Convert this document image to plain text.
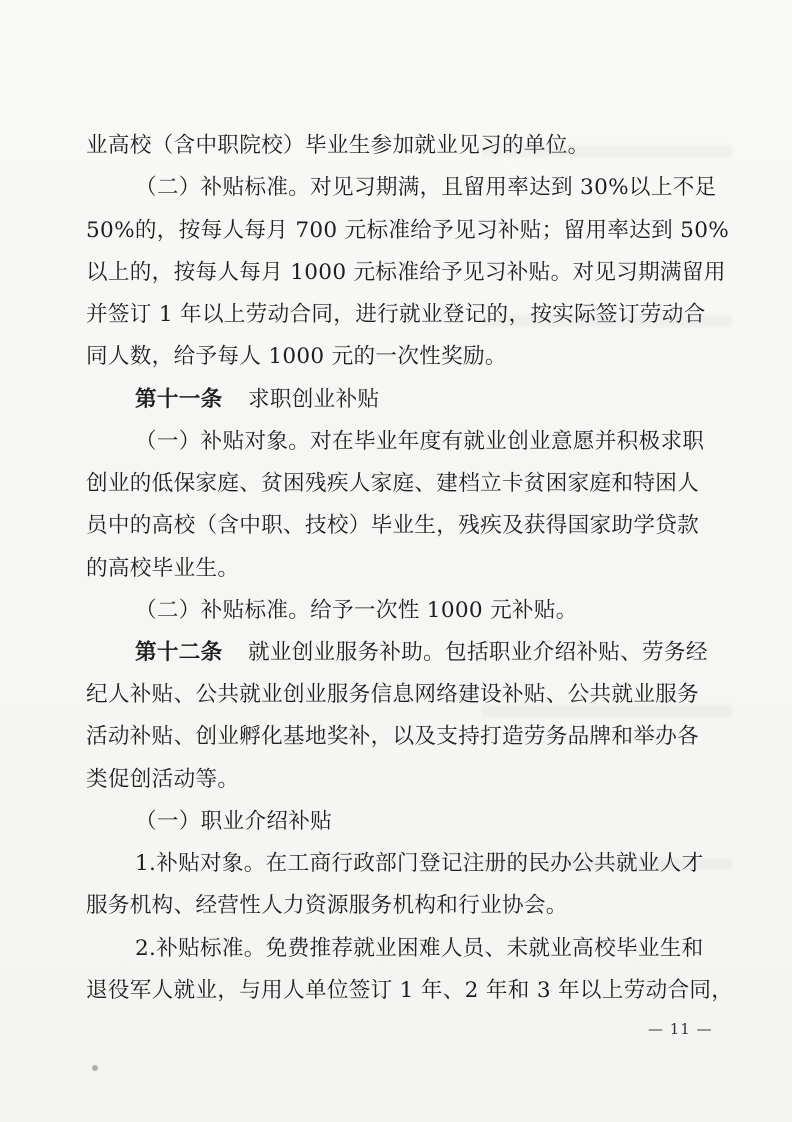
业高校（含中职院校）毕业生参加就业见习的单位。
（二）补贴标准。对见习期满，且留用率达到 30%以上不足
50%的，按每人每月 700 元标准给予见习补贴；留用率达到 50%
以上的，按每人每月 1000 元标准给予见习补贴。对见习期满留用
并签订 1 年以上劳动合同，进行就业登记的，按实际签订劳动合
同人数，给予每人 1000 元的一次性奖励。
第十一条 求职创业补贴
（一）补贴对象。对在毕业年度有就业创业意愿并积极求职
创业的低保家庭、贫困残疾人家庭、建档立卡贫困家庭和特困人
员中的高校（含中职、技校）毕业生，残疾及获得国家助学贷款
的高校毕业生。
（二）补贴标准。给予一次性 1000 元补贴。
第十二条 就业创业服务补助。包括职业介绍补贴、劳务经
纪人补贴、公共就业创业服务信息网络建设补贴、公共就业服务
活动补贴、创业孵化基地奖补，以及支持打造劳务品牌和举办各
类促创活动等。
（一）职业介绍补贴
1.补贴对象。在工商行政部门登记注册的民办公共就业人才
服务机构、经营性人力资源服务机构和行业协会。
2.补贴标准。免费推荐就业困难人员、未就业高校毕业生和
退役军人就业，与用人单位签订 1 年、2 年和 3 年以上劳动合同，
— 11 —
